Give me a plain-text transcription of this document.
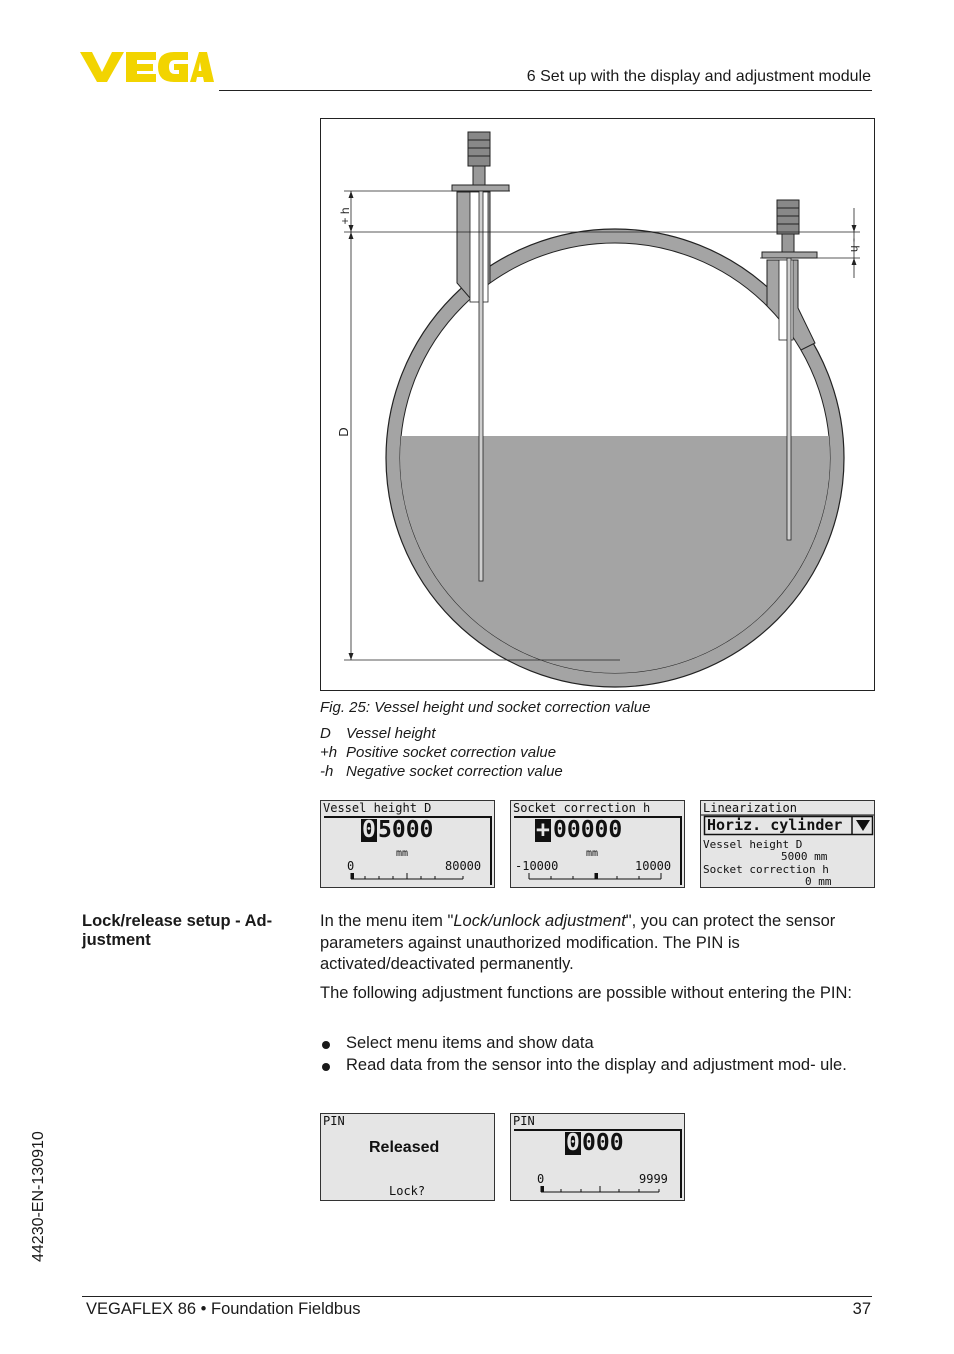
6 Set up with the display and adjustment module
+ h
- h
D
Fig. 25: Vessel height und socket correction value
D Vessel height
+h Positive socket correction value
-h Negative socket correction value
Vessel height D
0 5000
mm
0	80000
Socket correction h
+ 00000
mm
-10000	10000
Linearization
Horiz. cylinder
Vessel height D
5000 mm
Socket correction h
0 mm
Lock/release setup - Ad- justment
In the menu item "Lock/unlock adjustment", you can protect the sensor parameters against unauthorized modification. The PIN is activated/deactivated permanently.
The following adjustment functions are possible without entering the PIN:
Select menu items and show data
Read data from the sensor into the display and adjustment mod- ule.
PIN
Released
Lock?
PIN
0 000
0	9999
44230-EN-130910
VEGAFLEX 86 • Foundation Fieldbus	37
